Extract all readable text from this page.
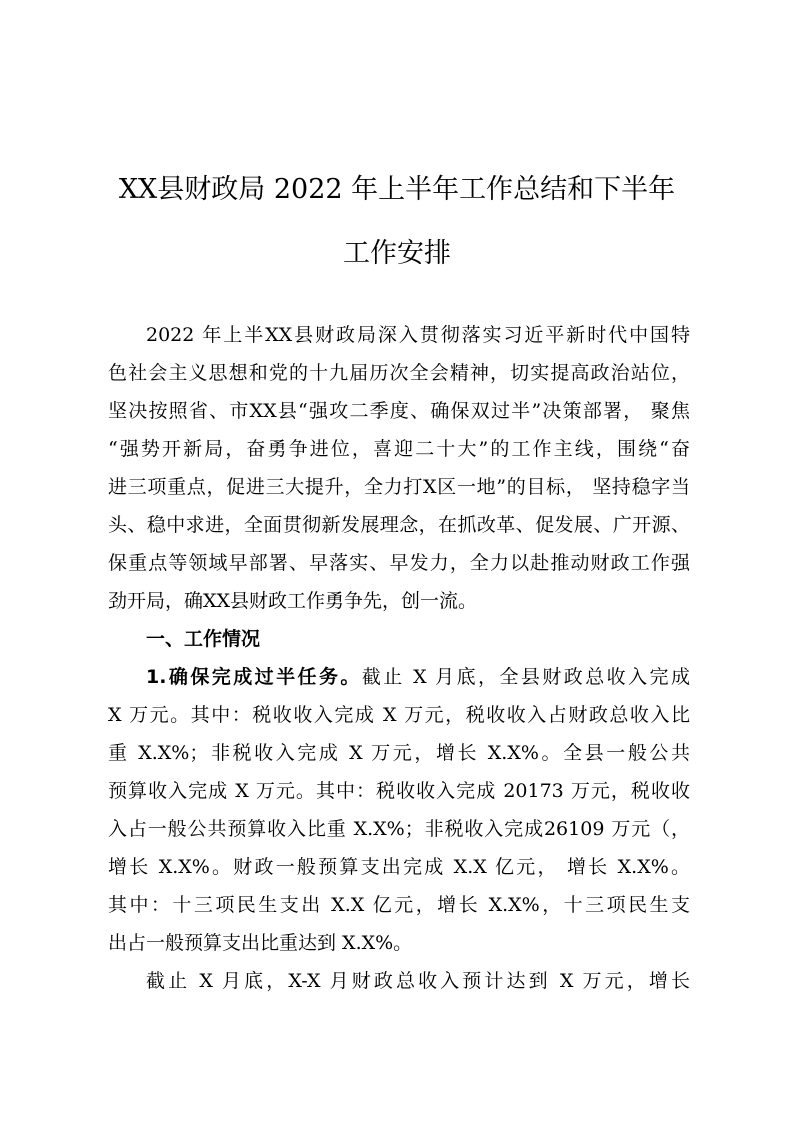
XX县财政局 2022 年上半年工作总结和下半年
工作安排
2022 年上半XX县财政局深入贯彻落实习近平新时代中国特
色社会主义思想和党的十九届历次全会精神，切实提高政治站位，
坚决按照省、市XX县“强攻二季度、确保双过半”决策部署， 聚焦
“强势开新局，奋勇争进位，喜迎二十大”的工作主线，围绕“奋
进三项重点，促进三大提升，全力打X区一地”的目标， 坚持稳字当
头、稳中求进，全面贯彻新发展理念，在抓改革、促发展、广开源、
保重点等领域早部署、早落实、早发力，全力以赴推动财政工作强
劲开局，确XX县财政工作勇争先，创一流。
一、工作情况
1.确保完成过半任务。截止 X 月底，全县财政总收入完成
X 万元。其中：税收收入完成 X 万元，税收收入占财政总收入比
重 X.X%；非税收入完成 X 万元，增长 X.X%。全县一般公共
预算收入完成 X 万元。其中：税收收入完成 20173 万元，税收收
入占一般公共预算收入比重 X.X%；非税收入完成26109 万元（，
增长 X.X%。财政一般预算支出完成 X.X 亿元， 增长 X.X%。
其中：十三项民生支出 X.X 亿元，增长 X.X%，十三项民生支
出占一般预算支出比重达到 X.X%。
截止 X 月底，X-X 月财政总收入预计达到 X 万元，增长
